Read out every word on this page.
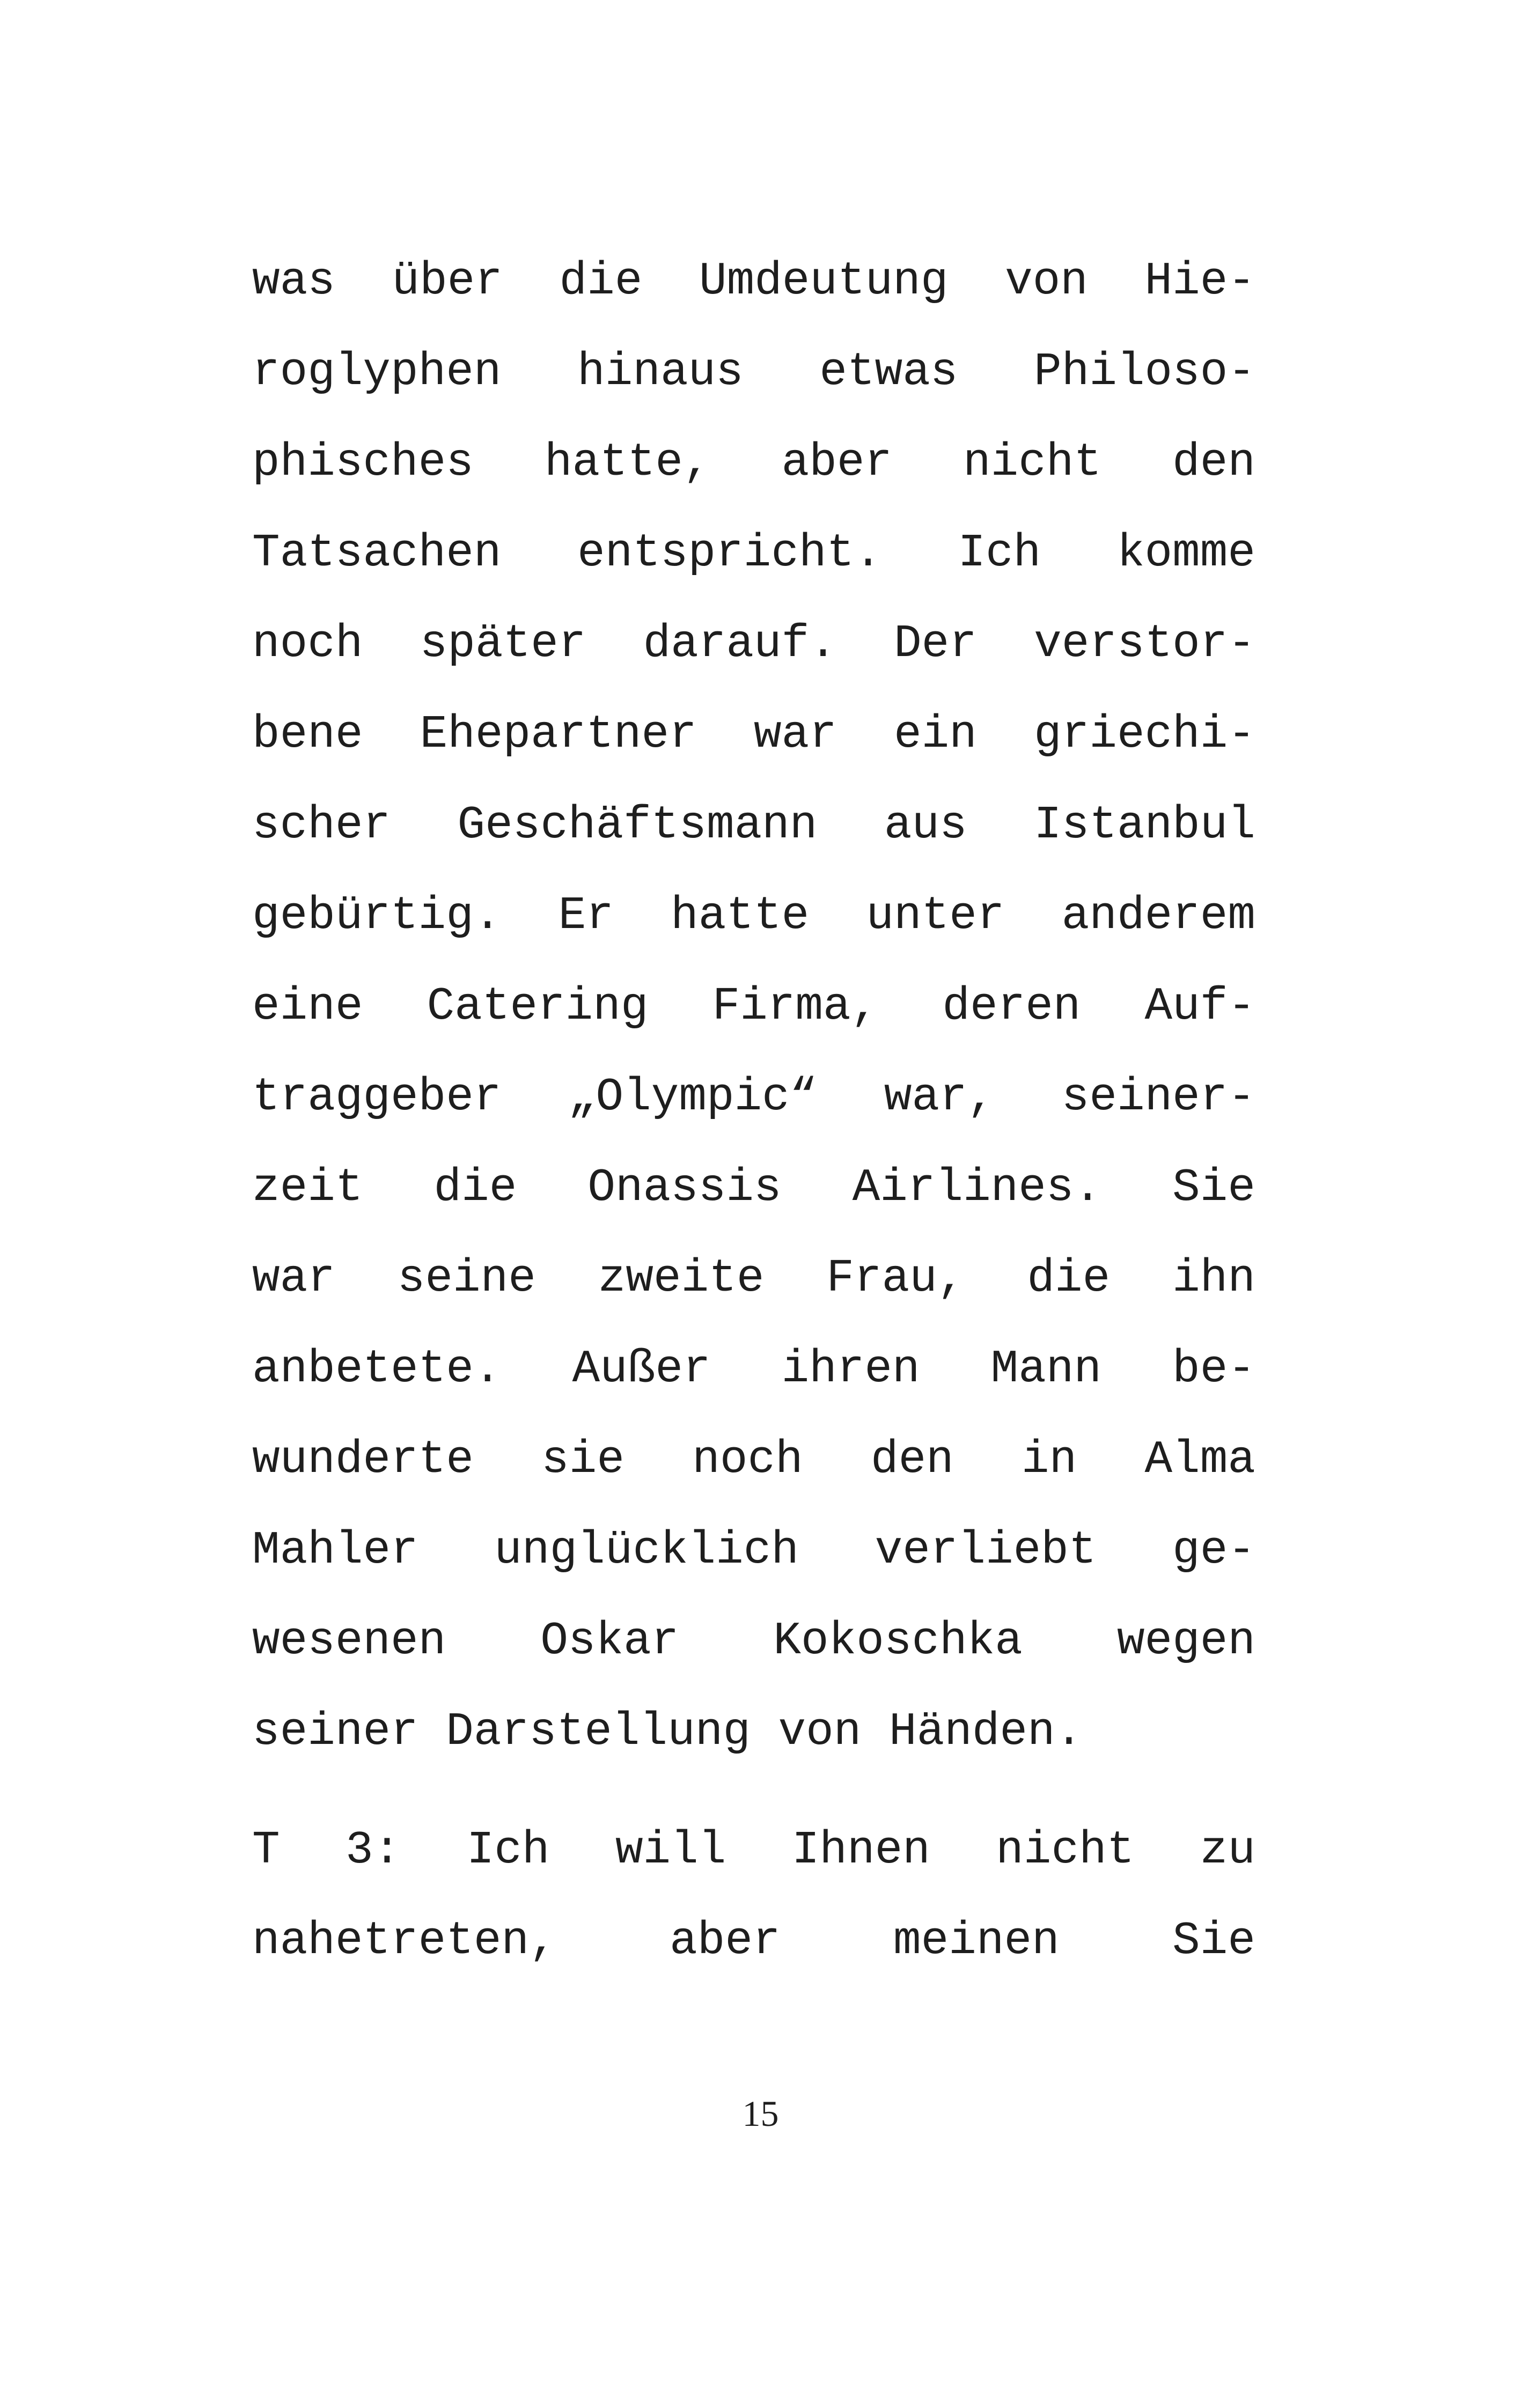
was über die Umdeutung von Hie-
roglyphen hinaus etwas Philoso-
phisches hatte, aber nicht den
Tatsachen entspricht. Ich komme
noch später darauf. Der verstor-
bene Ehepartner war ein griechi-
scher Geschäftsmann aus Istanbul
gebürtig. Er hatte unter anderem
eine Catering Firma, deren Auf-
traggeber „Olympic“ war, seiner-
zeit die Onassis Airlines. Sie
war seine zweite Frau, die ihn
anbetete. Außer ihren Mann be-
wunderte sie noch den in Alma
Mahler unglücklich verliebt ge-
wesenen Oskar Kokoschka wegen
seiner Darstellung von Händen.
T 3: Ich will Ihnen nicht zu
nahetreten, aber meinen Sie
15
